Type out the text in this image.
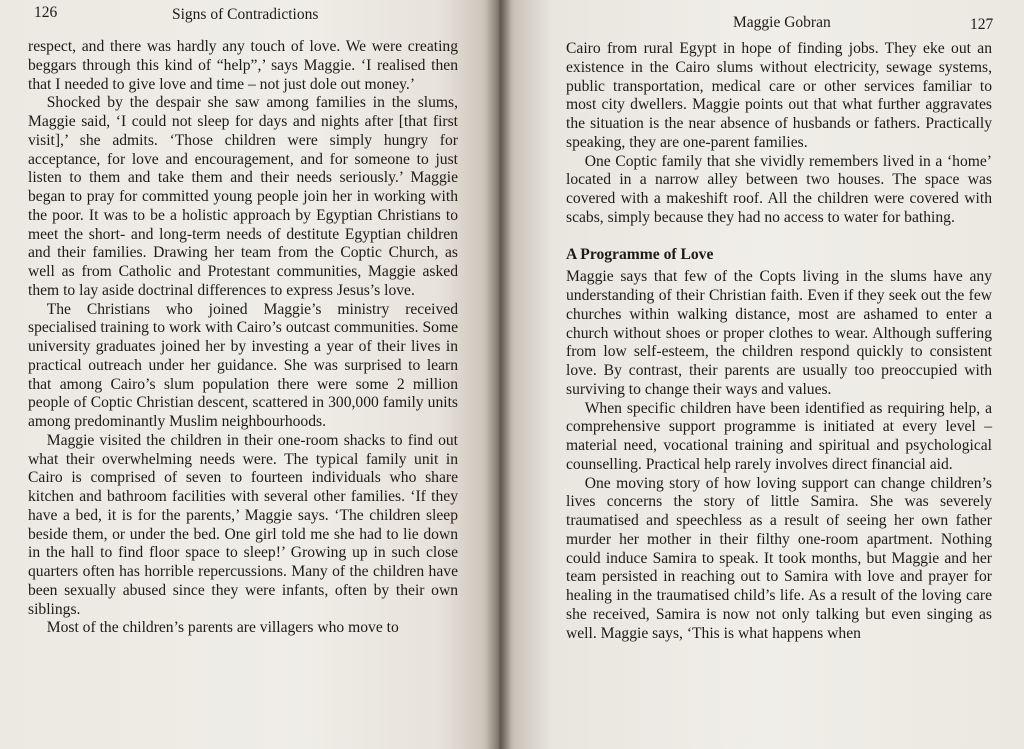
126	Signs of Contradictions

respect, and there was hardly any touch of love. We were creating beggars through this kind of “help”,’ says Maggie. ‘I realised then that I needed to give love and time – not just dole out money.’

Shocked by the despair she saw among families in the slums, Maggie said, ‘I could not sleep for days and nights after [that first visit],’ she admits. ‘Those children were simply hungry for acceptance, for love and encouragement, and for someone to just listen to them and take them and their needs seriously.’ Maggie began to pray for committed young people join her in working with the poor. It was to be a holistic approach by Egyptian Christians to meet the short- and long-term needs of destitute Egyptian children and their families. Drawing her team from the Coptic Church, as well as from Catholic and Protestant communities, Maggie asked them to lay aside doctrinal differences to express Jesus’s love.

The Christians who joined Maggie’s ministry received specialised training to work with Cairo’s outcast communities. Some university graduates joined her by investing a year of their lives in practical outreach under her guidance. She was surprised to learn that among Cairo’s slum population there were some 2 million people of Coptic Christian descent, scattered in 300,000 family units among predominantly Muslim neighbourhoods.

Maggie visited the children in their one-room shacks to find out what their overwhelming needs were. The typical family unit in Cairo is comprised of seven to fourteen individuals who share kitchen and bathroom facilities with several other families. ‘If they have a bed, it is for the parents,’ Maggie says. ‘The children sleep beside them, or under the bed. One girl told me she had to lie down in the hall to find floor space to sleep!’ Growing up in such close quarters often has horrible repercussions. Many of the children have been sexually abused since they were infants, often by their own siblings.

Most of the children’s parents are villagers who move to

Maggie Gobran	127

Cairo from rural Egypt in hope of finding jobs. They eke out an existence in the Cairo slums without electricity, sewage systems, public transportation, medical care or other services familiar to most city dwellers. Maggie points out that what further aggravates the situation is the near absence of husbands or fathers. Practically speaking, they are one-parent families.

One Coptic family that she vividly remembers lived in a ‘home’ located in a narrow alley between two houses. The space was covered with a makeshift roof. All the children were covered with scabs, simply because they had no access to water for bathing.

A Programme of Love

Maggie says that few of the Copts living in the slums have any understanding of their Christian faith. Even if they seek out the few churches within walking distance, most are ashamed to enter a church without shoes or proper clothes to wear. Although suffering from low self-esteem, the children respond quickly to consistent love. By contrast, their parents are usually too preoccupied with surviving to change their ways and values.

When specific children have been identified as requiring help, a comprehensive support programme is initiated at every level – material need, vocational training and spiritual and psychological counselling. Practical help rarely involves direct financial aid.

One moving story of how loving support can change children’s lives concerns the story of little Samira. She was severely traumatised and speechless as a result of seeing her own father murder her mother in their filthy one-room apartment. Nothing could induce Samira to speak. It took months, but Maggie and her team persisted in reaching out to Samira with love and prayer for healing in the traumatised child’s life. As a result of the loving care she received, Samira is now not only talking but even singing as well. Maggie says, ‘This is what happens when
